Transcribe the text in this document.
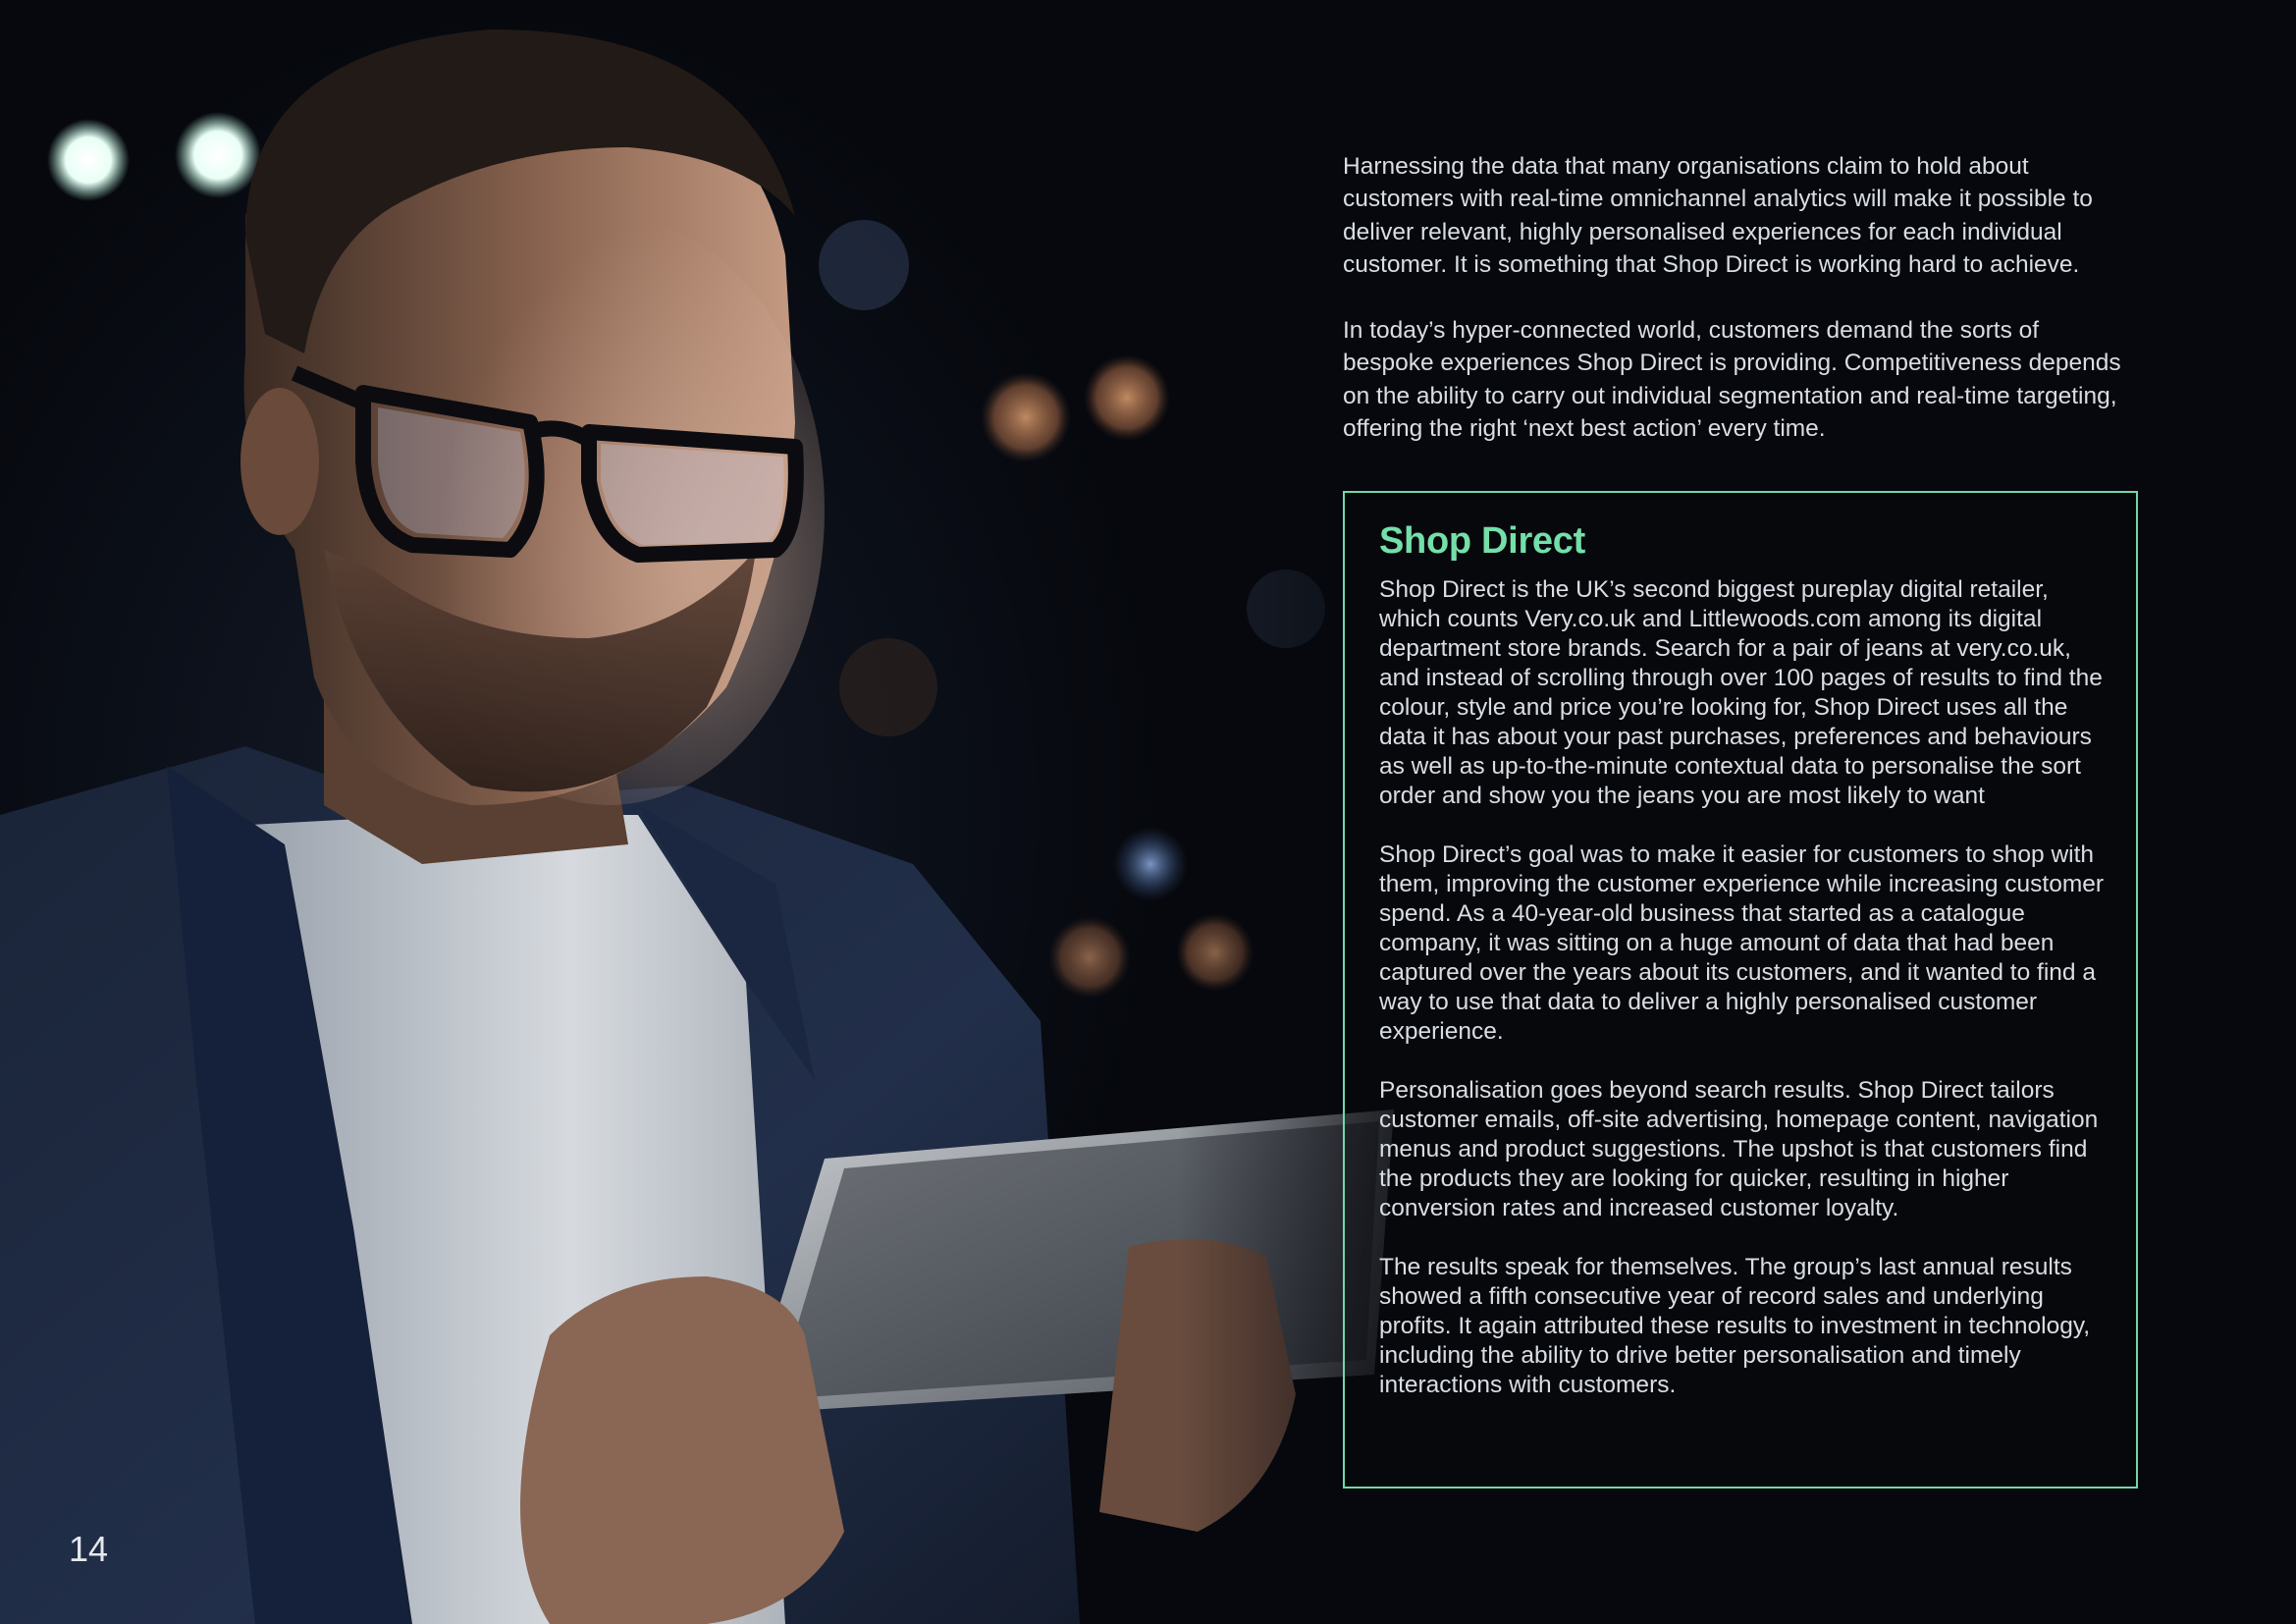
Harnessing the data that many organisations claim to hold about customers with real-time omnichannel analytics will make it possible to deliver relevant, highly personalised experiences for each individual customer. It is something that Shop Direct is working hard to achieve.

In today’s hyper-connected world, customers demand the sorts of bespoke experiences Shop Direct is providing. Competitiveness depends on the ability to carry out individual segmentation and real-time targeting, offering the right ‘next best action’ every time.

Shop Direct

Shop Direct is the UK’s second biggest pureplay digital retailer, which counts Very.co.uk and Littlewoods.com among its digital department store brands. Search for a pair of jeans at very.co.uk, and instead of scrolling through over 100 pages of results to find the colour, style and price you’re looking for, Shop Direct uses all the data it has about your past purchases, preferences and behaviours as well as up-to-the-minute contextual data to personalise the sort order and show you the jeans you are most likely to want

Shop Direct’s goal was to make it easier for customers to shop with them, improving the customer experience while increasing customer spend. As a 40-year-old business that started as a catalogue company, it was sitting on a huge amount of data that had been captured over the years about its customers, and it wanted to find a way to use that data to deliver a highly personalised customer experience.

Personalisation goes beyond search results. Shop Direct tailors customer emails, off-site advertising, homepage content, navigation menus and product suggestions. The upshot is that customers find the products they are looking for quicker, resulting in higher conversion rates and increased customer loyalty.

The results speak for themselves. The group’s last annual results showed a fifth consecutive year of record sales and underlying profits. It again attributed these results to investment in technology, including the ability to drive better personalisation and timely interactions with customers.

14
